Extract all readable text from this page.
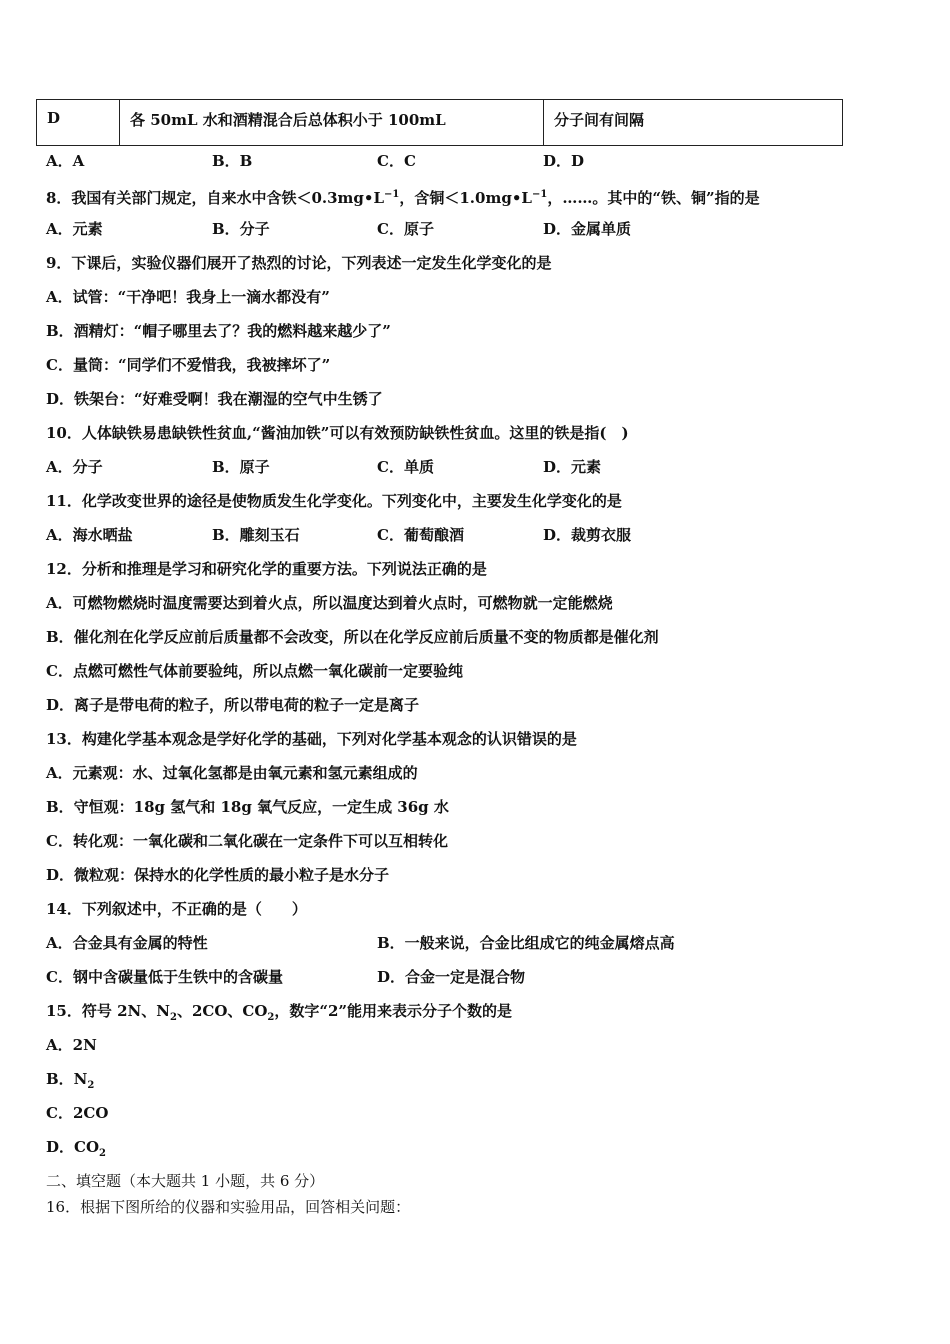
D	各 50mL 水和酒精混合后总体积小于 100mL	分子间有间隔
A．A	B．B	C．C	D．D
8．我国有关部门规定，自来水中含铁$<0.3mg•L^{-1}$，含铜$<1.0mg•L^{-1}$，……。其中的“铁、铜”指的是
A．元素	B．分子	C．原子	D．金属单质
9．下课后，实验仪器们展开了热烈的讨论，下列表述一定发生化学变化的是
A．试管：“干净吧！我身上一滴水都没有”
B．酒精灯：“帽子哪里去了？我的燃料越来越少了”
C．量筒：“同学们不爱惜我，我被摔坏了”
D．铁架台：“好难受啊！我在潮湿的空气中生锈了
10．人体缺铁易患缺铁性贫血,“酱油加铁”可以有效预防缺铁性贫血。这里的铁是指(　)
A．分子	B．原子	C．单质	D．元素
11．化学改变世界的途径是使物质发生化学变化。下列变化中，主要发生化学变化的是
A．海水晒盐	B．雕刻玉石	C．葡萄酿酒	D．裁剪衣服
12．分析和推理是学习和研究化学的重要方法。下列说法正确的是
A．可燃物燃烧时温度需要达到着火点，所以温度达到着火点时，可燃物就一定能燃烧
B．催化剂在化学反应前后质量都不会改变，所以在化学反应前后质量不变的物质都是催化剂
C．点燃可燃性气体前要验纯，所以点燃一氧化碳前一定要验纯
D．离子是带电荷的粒子，所以带电荷的粒子一定是离子
13．构建化学基本观念是学好化学的基础，下列对化学基本观念的认识错误的是
A．元素观：水、过氧化氢都是由氧元素和氢元素组成的
B．守恒观：18g 氢气和 18g 氧气反应，一定生成 36g 水
C．转化观：一氧化碳和二氧化碳在一定条件下可以互相转化
D．微粒观：保持水的化学性质的最小粒子是水分子
14．下列叙述中，不正确的是（　　）
A．合金具有金属的特性	B．一般来说，合金比组成它的纯金属熔点高
C．钢中含碳量低于生铁中的含碳量	D．合金一定是混合物
15．符号 2N、$N_2$、2CO、$CO_2$，数字“2”能用来表示分子个数的是
A．2N
B．$N_2$
C．2CO
D．$CO_2$
二、填空题（本大题共 1 小题，共 6 分）
16．根据下图所给的仪器和实验用品，回答相关问题：
